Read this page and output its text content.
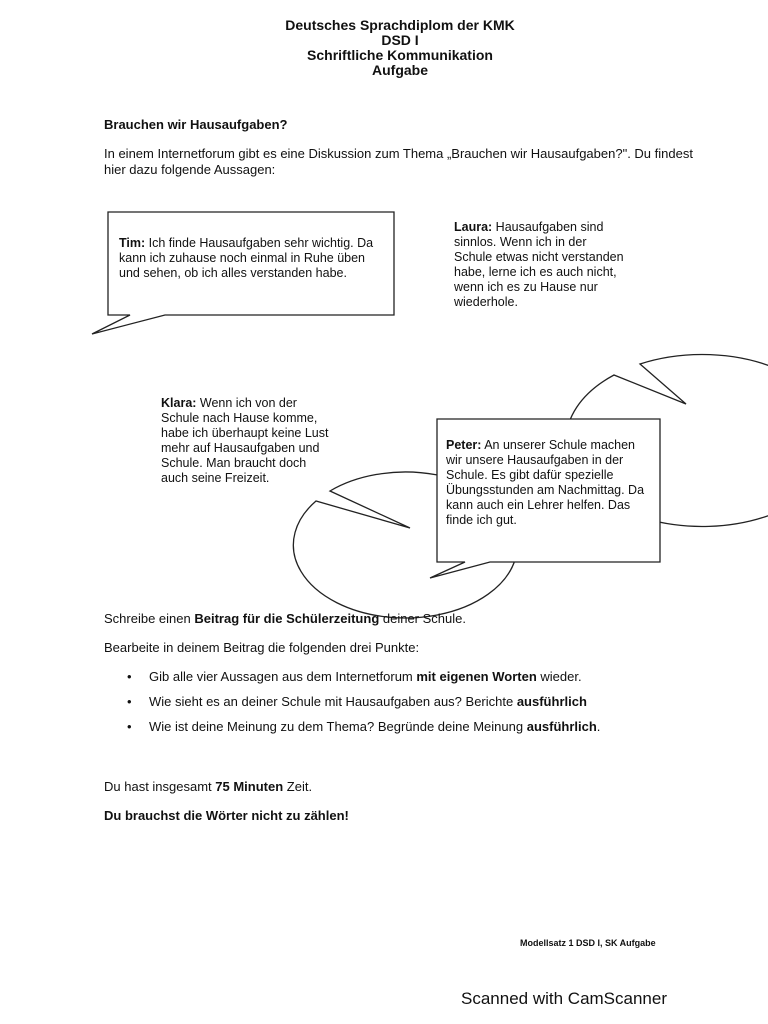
Deutsches Sprachdiplom der KMK
DSD I
Schriftliche Kommunikation
Aufgabe
Brauchen wir Hausaufgaben?
In einem Internetforum gibt es eine Diskussion zum Thema „Brauchen wir Hausaufgaben?". Du findest hier dazu folgende Aussagen:
Tim: Ich finde Hausaufgaben sehr wichtig. Da kann ich zuhause noch einmal in Ruhe üben und sehen, ob ich alles verstanden habe.
Laura: Hausaufgaben sind sinnlos. Wenn ich in der Schule etwas nicht verstanden habe, lerne ich es auch nicht, wenn ich es zu Hause nur wiederhole.
Klara: Wenn ich von der Schule nach Hause komme, habe ich überhaupt keine Lust mehr auf Hausaufgaben und Schule. Man braucht doch auch seine Freizeit.
Peter: An unserer Schule machen wir unsere Hausaufgaben in der Schule. Es gibt dafür spezielle Übungsstunden am Nachmittag. Da kann auch ein Lehrer helfen. Das finde ich gut.
Schreibe einen Beitrag für die Schülerzeitung deiner Schule.
Bearbeite in deinem Beitrag die folgenden drei Punkte:
• Gib alle vier Aussagen aus dem Internetforum mit eigenen Worten wieder.
• Wie sieht es an deiner Schule mit Hausaufgaben aus? Berichte ausführlich
• Wie ist deine Meinung zu dem Thema? Begründe deine Meinung ausführlich.
Du hast insgesamt 75 Minuten Zeit.
Du brauchst die Wörter nicht zu zählen!
Modellsatz 1 DSD I, SK Aufgabe
Scanned with CamScanner
